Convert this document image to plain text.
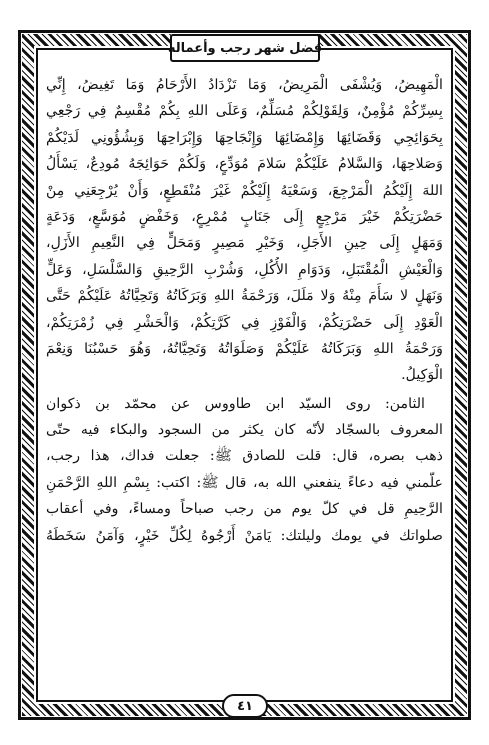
فضل شهر رجب وأعماله
الْمَهِيضُ، وَيُشْفَى الْمَرِيضُ، وَمَا تَزْدَادُ الأَرْحَامُ وَمَا تَغِيضُ، إِنِّي
بِسِرِّكُمْ مُؤْمِنٌ، وَلِقَوْلِكُمْ مُسَلِّمٌ، وَعَلَى اللهِ بِكُمْ مُقْسِمٌ فِي رَجْعِي
بِحَوَائِجِي وَقَضَائِهَا وَإِمْضَائِهَا وَإِنْجَاحِهَا وَإِبْرَاحِهَا وَبِشُؤُونِي لَدَيْكُمْ
وَصَلاحِهَا، وَالسَّلامُ عَلَيْكُمْ سَلامَ مُوَدِّعٍ، وَلَكُمْ حَوَائِجَهُ مُودِعٌ، يَسْأَلُ
اللهَ إِلَيْكُمُ الْمَرْجِعَ، وَسَعْيَهُ إِلَيْكُمْ غَيْرَ مُنْقَطِعٍ، وَأَنْ يُرْجِعَنِي مِنْ
حَضْرَتِكُمْ خَيْرَ مَرْجِعٍ إِلَى جَنَابٍ مُمْرِعٍ، وَخَفْضٍ مُوَسَّعٍ، وَدَعَةٍ
وَمَهَلٍ إِلَى حِينِ الأَجَلِ، وَخَيْرِ مَصِيرٍ وَمَحَلٍّ فِي النَّعِيمِ الأَزَلِ،
وَالْعَيْشِ الْمُقْتَبَلِ، وَدَوَامِ الأُكُلِ، وَشُرْبِ الرَّحِيقِ وَالسَّلْسَلِ، وَعَلٍّ
وَنَهَلٍ لا سَأَمَ مِنْهُ وَلا مَلَلَ، وَرَحْمَةُ اللهِ وَبَرَكَاتُهُ وَتَحِيَّاتُهُ عَلَيْكُمْ حَتَّى
الْعَوْدِ إِلَى حَضْرَتِكُمْ، وَالْفَوْزِ فِي كَرَّتِكُمْ، وَالْحَشْرِ فِي زُمْرَتِكُمْ،
وَرَحْمَةُ اللهِ وَبَرَكَاتُهُ عَلَيْكُمْ وَصَلَوَاتُهُ وَتَحِيَّاتُهُ، وَهُوَ حَسْبُنَا وَنِعْمَ
الْوَكِيلُ.
الثامن: روى السيّد ابن طاووس عن محمّد بن ذكوان
المعروف بالسجّاد لأنّه كان يكثر من السجود والبكاء فيه حتّى
ذهب بصره، قال: قلت للصادق ﷺ: جعلت فداك، هذا رجب،
علّمني فيه دعاءً ينفعني الله به، قال ﷺ: اكتب: بِسْمِ اللهِ الرَّحْمَنِ
الرَّحِيمِ قل في كلّ يوم من رجب صباحاً ومساءً، وفي أعقاب
صلواتك في يومك وليلتك: يَامَنْ أَرْجُوهُ لِكُلِّ خَيْرٍ، وَآمَنُ سَخَطَهُ
٤١
